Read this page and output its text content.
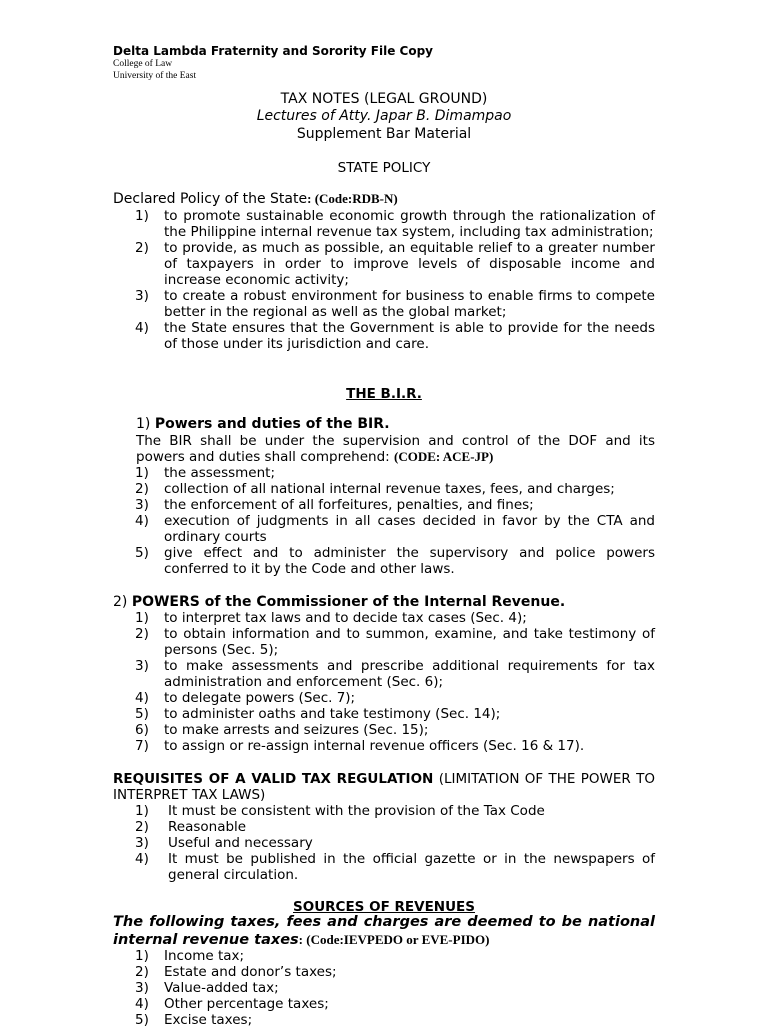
Delta Lambda Fraternity and Sorority File Copy
College of Law
University of the East
TAX NOTES (LEGAL GROUND)
Lectures of Atty. Japar B. Dimampao
Supplement Bar Material
STATE POLICY
Declared Policy of the State: (Code:RDB-N)
1) to promote sustainable economic growth through the rationalization of the Philippine internal revenue tax system, including tax administration;
2) to provide, as much as possible, an equitable relief to a greater number of taxpayers in order to improve levels of disposable income and increase economic activity;
3) to create a robust environment for business to enable firms to compete better in the regional as well as the global market;
4) the State ensures that the Government is able to provide for the needs of those under its jurisdiction and care.
THE B.I.R.
1) Powers and duties of the BIR.
The BIR shall be under the supervision and control of the DOF and its powers and duties shall comprehend: (CODE: ACE-JP)
1) the assessment;
2) collection of all national internal revenue taxes, fees, and charges;
3) the enforcement of all forfeitures, penalties, and fines;
4) execution of judgments in all cases decided in favor by the CTA and ordinary courts
5) give effect and to administer the supervisory and police powers conferred to it by the Code and other laws.
2) POWERS of the Commissioner of the Internal Revenue.
1) to interpret tax laws and to decide tax cases (Sec. 4);
2) to obtain information and to summon, examine, and take testimony of persons (Sec. 5);
3) to make assessments and prescribe additional requirements for tax administration and enforcement (Sec. 6);
4) to delegate powers (Sec. 7);
5) to administer oaths and take testimony (Sec. 14);
6) to make arrests and seizures (Sec. 15);
7) to assign or re-assign internal revenue officers (Sec. 16 & 17).
REQUISITES OF A VALID TAX REGULATION (LIMITATION OF THE POWER TO INTERPRET TAX LAWS)
1) It must be consistent with the provision of the Tax Code
2) Reasonable
3) Useful and necessary
4) It must be published in the official gazette or in the newspapers of general circulation.
SOURCES OF REVENUES
The following taxes, fees and charges are deemed to be national internal revenue taxes: (Code:IEVPEDO or EVE-PIDO)
1) Income tax;
2) Estate and donor’s taxes;
3) Value-added tax;
4) Other percentage taxes;
5) Excise taxes;
